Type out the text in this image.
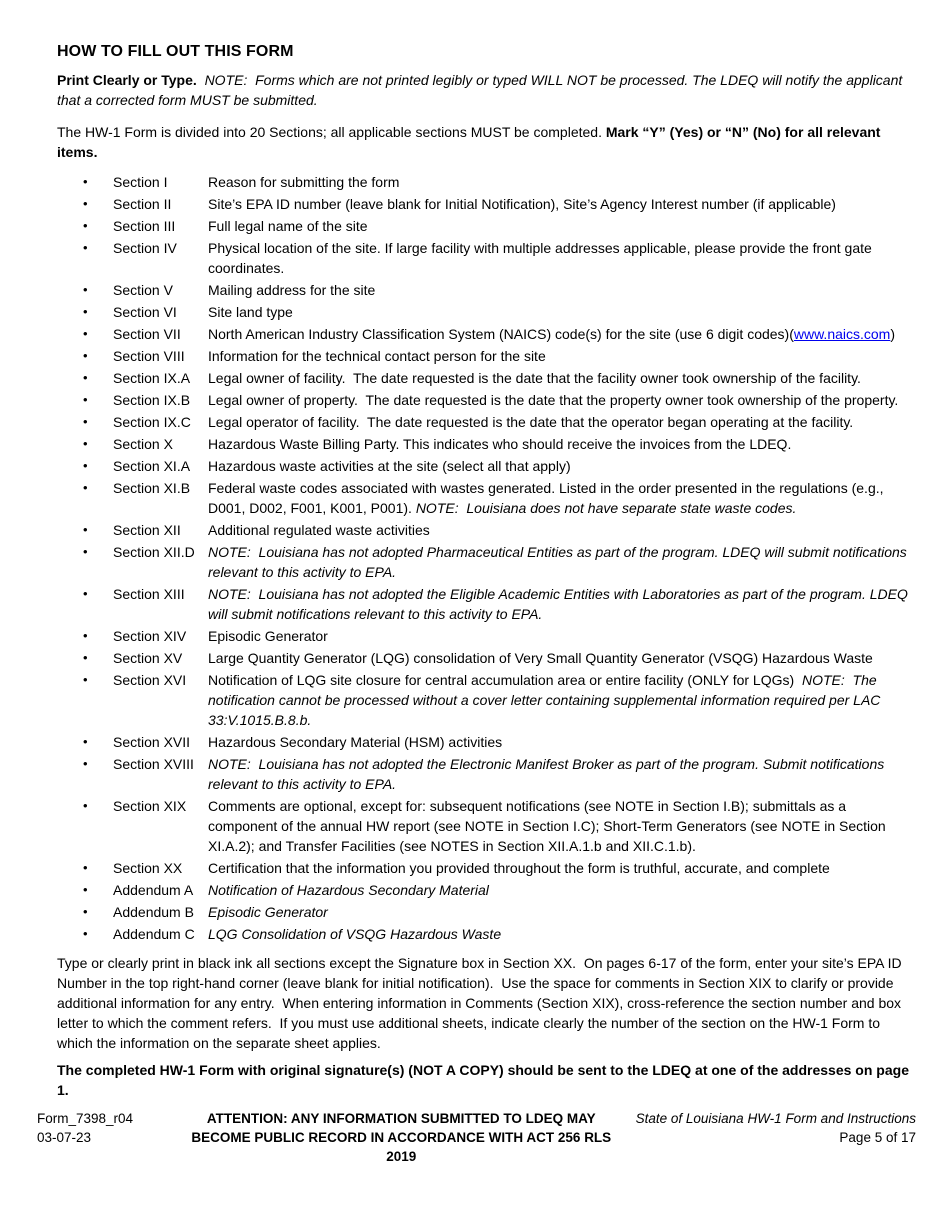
HOW TO FILL OUT THIS FORM

Print Clearly or Type.  NOTE:  Forms which are not printed legibly or typed WILL NOT be processed. The LDEQ will notify the applicant that a corrected form MUST be submitted.

The HW-1 Form is divided into 20 Sections; all applicable sections MUST be completed. Mark “Y” (Yes) or “N” (No) for all relevant items.

•	Section I	Reason for submitting the form
•	Section II	Site’s EPA ID number (leave blank for Initial Notification), Site’s Agency Interest number (if applicable)
•	Section III	Full legal name of the site
•	Section IV	Physical location of the site. If large facility with multiple addresses applicable, please provide the front gate coordinates.
•	Section V	Mailing address for the site
•	Section VI	Site land type
•	Section VII	North American Industry Classification System (NAICS) code(s) for the site (use 6 digit codes)(www.naics.com)
•	Section VIII	Information for the technical contact person for the site
•	Section IX.A	Legal owner of facility.  The date requested is the date that the facility owner took ownership of the facility.
•	Section IX.B	Legal owner of property.  The date requested is the date that the property owner took ownership of the property.
•	Section IX.C	Legal operator of facility.  The date requested is the date that the operator began operating at the facility.
•	Section X	Hazardous Waste Billing Party. This indicates who should receive the invoices from the LDEQ.
•	Section XI.A	Hazardous waste activities at the site (select all that apply)
•	Section XI.B	Federal waste codes associated with wastes generated. Listed in the order presented in the regulations (e.g., D001, D002, F001, K001, P001). NOTE:  Louisiana does not have separate state waste codes.
•	Section XII	Additional regulated waste activities
•	Section XII.D NOTE:  Louisiana has not adopted Pharmaceutical Entities as part of the program. LDEQ will submit notifications relevant to this activity to EPA.
•	Section XIII	NOTE:  Louisiana has not adopted the Eligible Academic Entities with Laboratories as part of the program. LDEQ will submit notifications relevant to this activity to EPA.
•	Section XIV	Episodic Generator
•	Section XV	Large Quantity Generator (LQG) consolidation of Very Small Quantity Generator (VSQG) Hazardous Waste
•	Section XVI	Notification of LQG site closure for central accumulation area or entire facility (ONLY for LQGs)  NOTE:  The notification cannot be processed without a cover letter containing supplemental information required per LAC 33:V.1015.B.8.b.
•	Section XVII	Hazardous Secondary Material (HSM) activities
•	Section XVIII	NOTE:  Louisiana has not adopted the Electronic Manifest Broker as part of the program. Submit notifications relevant to this activity to EPA.
•	Section XIX	Comments are optional, except for: subsequent notifications (see NOTE in Section I.B); submittals as a component of the annual HW report (see NOTE in Section I.C); Short-Term Generators (see NOTE in Section XI.A.2); and Transfer Facilities (see NOTES in Section XII.A.1.b and XII.C.1.b).
•	Section XX	Certification that the information you provided throughout the form is truthful, accurate, and complete
•	Addendum A	Notification of Hazardous Secondary Material
•	Addendum B	Episodic Generator
•	Addendum C LQG Consolidation of VSQG Hazardous Waste

Type or clearly print in black ink all sections except the Signature box in Section XX.  On pages 6-17 of the form, enter your site’s EPA ID Number in the top right-hand corner (leave blank for initial notification).  Use the space for comments in Section XIX to clarify or provide additional information for any entry.  When entering information in Comments (Section XIX), cross-reference the section number and box letter to which the comment refers.  If you must use additional sheets, indicate clearly the number of the section on the HW-1 Form to which the information on the separate sheet applies.

The completed HW-1 Form with original signature(s) (NOT A COPY) should be sent to the LDEQ at one of the addresses on page 1.

Form_7398_r04
03-07-23
ATTENTION: ANY INFORMATION SUBMITTED TO LDEQ MAY
BECOME PUBLIC RECORD IN ACCORDANCE WITH ACT 256 RLS 2019
State of Louisiana HW-1 Form and Instructions
Page 5 of 17
